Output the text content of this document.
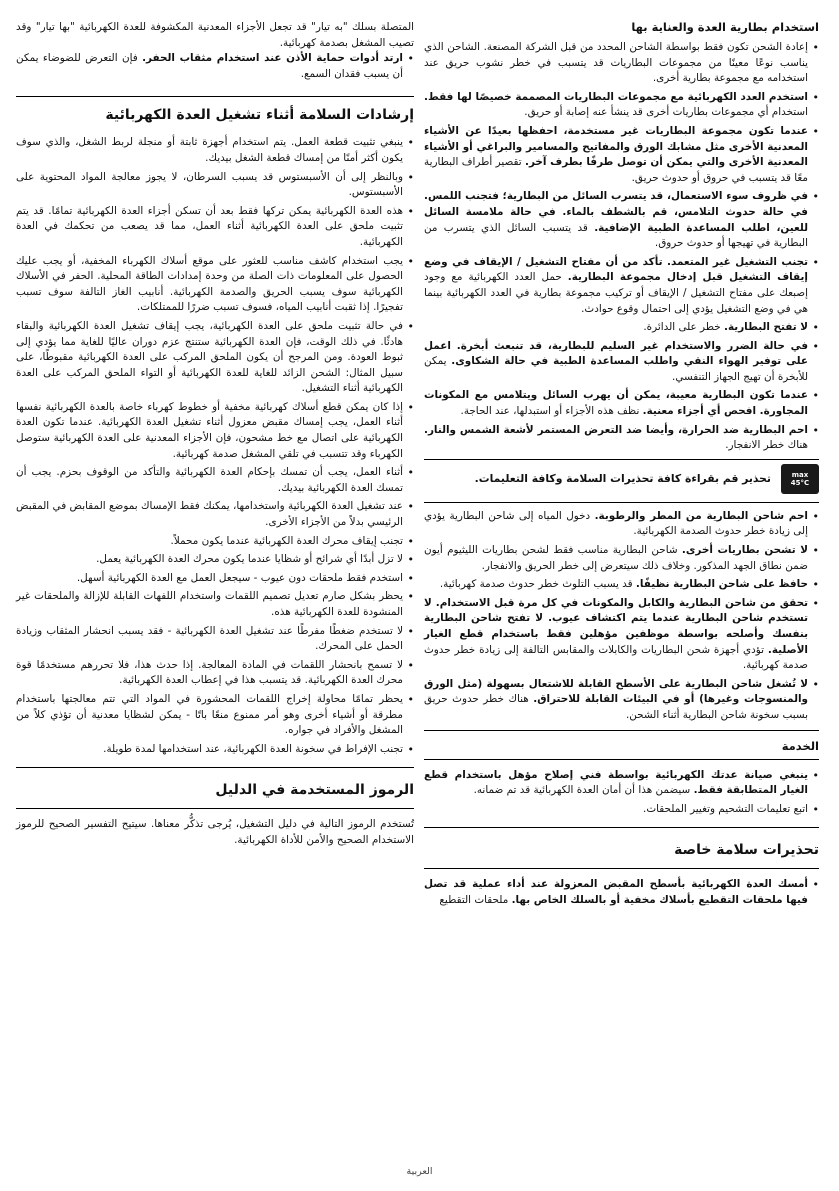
استخدام بطارية العدة والعناية بها
• إعادة الشحن تكون فقط بواسطة الشاحن المحدد من قبل الشركة المصنعة. الشاحن الذي يناسب نوعًا معينًا من مجموعات البطاريات قد يتسبب في خطر نشوب حريق عند استخدامه مع مجموعة بطارية أخرى.
• استخدم العدد الكهربائية مع مجموعات البطاريات المصممة خصيصًا لها فقط. استخدام أي مجموعات بطاريات أخرى قد ينشأ عنه إصابة أو حريق.
• عندما تكون مجموعة البطاريات غير مستخدمة، احفظها بعيدًا عن الأشياء المعدنية الأخرى مثل مشابك الورق والمفاتيح والمسامير والبراغي أو الأشياء المعدنية الأخرى والتي يمكن أن توصل طرفًا بطرف آخر. تقصير أطراف البطارية معًا قد يتسبب في حروق أو حدوث حريق.
• في ظروف سوء الاستعمال، قد يتسرب السائل من البطارية؛ فتجنب اللمس. في حالة حدوث التلامس، قم بالشطف بالماء. في حالة ملامسة السائل للعين، اطلب المساعدة الطبية الإضافية. قد يتسبب السائل الذي يتسرب من البطارية في تهيجها أو حدوث حروق.
• تجنب التشغيل غير المتعمد. تأكد من أن مفتاح التشغيل / الإيقاف في وضع إيقاف التشغيل قبل إدخال مجموعة البطارية. حمل العدد الكهربائية مع وجود إصبعك على مفتاح التشغيل / الإيقاف أو تركيب مجموعة بطارية في العدد الكهربائية بينما هي في وضع التشغيل يؤدي إلى احتمال وقوع حوادث.
• لا تفتح البطارية. خطر على الدائرة.
• في حالة الضرر والاستخدام غير السليم للبطارية، قد تنبعث أبخرة. اعمل على توفير الهواء النقي واطلب المساعدة الطبية في حالة الشكاوى. يمكن للأبخرة أن تهيج الجهاز التنفسي.
• عندما تكون البطارية معيبة، يمكن أن يهرب السائل ويتلامس مع المكونات المجاورة. افحص أي أجزاء معنية. نظف هذه الأجزاء أو استبدلها، عند الحاجة.
• احم البطارية ضد الحرارة، وأيضا ضد التعرض المستمر لأشعة الشمس والنار. هناك خطر الانفجار.
max
45°C

تحذير قم بقراءة كافة تحذيرات السلامة وكافة التعليمات.

• احم شاحن البطارية من المطر والرطوبة. دخول المياه إلى شاحن البطارية يؤدي إلى زيادة خطر حدوث الصدمة الكهربائية.
• لا تشحن بطاريات أخرى. شاحن البطارية مناسب فقط لشحن بطاريات الليثيوم أيون ضمن نطاق الجهد المذكور. وخلاف ذلك سيتعرض إلى خطر الحريق والانفجار.
• حافظ على شاحن البطارية نظيفًا. قد يسبب التلوث خطر حدوث صدمة كهربائية.
• تحقق من شاحن البطارية والكابل والمكونات في كل مرة قبل الاستخدام. لا تستخدم شاحن البطارية عندما يتم اكتشاف عيوب. لا تفتح شاحن البطارية بنفسك وأصلحه بواسطة موظفين مؤهلين فقط باستخدام قطع الغيار الأصلية. تؤدي أجهزة شحن البطاريات والكابلات والمقابس التالفة إلى زيادة خطر حدوث صدمة كهربائية.
• لا تُشغل شاحن البطارية على الأسطح القابلة للاشتعال بسهولة (مثل الورق والمنسوجات وغيرها) أو في البيئات القابلة للاحتراق. هناك خطر حدوث حريق بسبب سخونة شاحن البطارية أثناء الشحن.
الخدمة
• ينبغي صيانة عدتك الكهربائية بواسطة فني إصلاح مؤهل باستخدام قطع الغيار المتطابقة فقط. سيضمن هذا أن أمان العدة الكهربائية قد تم ضمانه.
• اتبع تعليمات التشحيم وتغيير الملحقات.
تحذيرات سلامة خاصة
• أمسك العدة الكهربائية بأسطح المقبض المعزولة عند أداء عملية قد تصل فيها ملحقات التقطيع بأسلاك مخفية أو بالسلك الخاص بها. ملحقات التقطيع

المتصلة بسلك "به تيار" قد تجعل الأجزاء المعدنية المكشوفة للعدة الكهربائية "بها تيار" وقد تصيب المشغل بصدمة كهربائية.

• ارتد أدوات حماية الأذن عند استخدام مثقاب الحفر. فإن التعرض للضوضاء يمكن أن يسبب فقدان السمع.
إرشادات السلامة أثناء تشغيل العدة الكهربائية
• ينبغي تثبيت قطعة العمل. يتم استخدام أجهزة ثابتة أو منجلة لربط الشغل، والذي سوف يكون أكثر أمنًا من إمساك قطعة الشغل بيديك.
• وبالنظر إلى أن الأسبستوس قد يسبب السرطان، لا يجوز معالجة المواد المحتوية على الأسبستوس.
• هذه العدة الكهربائية يمكن تركها فقط بعد أن تسكن أجزاء العدة الكهربائية تمامًا. قد يتم تثبيت ملحق على العدة الكهربائية أثناء العمل، مما قد يصعب من تحكمك في العدة الكهربائية.
• يجب استخدام كاشف مناسب للعثور على موقع أسلاك الكهرباء المخفية، أو يجب عليك الحصول على المعلومات ذات الصلة من وحدة إمدادات الطاقة المحلية. الحفر في الأسلاك الكهربائية سوف يسبب الحريق والصدمة الكهربائية. أنابيب الغاز التالفة سوف تسبب تفجيرًا. إذا ثقبت أنابيب المياه، فسوف تسبب ضررًا للممتلكات.
• في حالة تثبيت ملحق على العدة الكهربائية، يجب إيقاف تشغيل العدة الكهربائية والبقاء هادئًا. في ذلك الوقت، فإن العدة الكهربائية ستنتج عزم دوران عاليًا للغاية مما يؤدي إلى ثبوط العودة. ومن المرجح أن يكون الملحق المركب على العدة الكهربائية مقبوطًا، على سبيل المثال: الشحن الزائد للغاية للعدة الكهربائية أو التواء الملحق المركب على العدة الكهربائية أثناء التشغيل.
• إذا كان يمكن قطع أسلاك كهربائية مخفية أو خطوط كهرباء خاصة بالعدة الكهربائية نفسها أثناء العمل، يجب إمساك مقبض معزول أثناء تشغيل العدة الكهربائية. عندما تكون العدة الكهربائية على اتصال مع خط مشحون، فإن الأجزاء المعدنية على العدة الكهربائية ستوصل الكهرباء وقد تتسبب في تلقي المشغل صدمة كهربائية.
• أثناء العمل، يجب أن تمسك بإحكام العدة الكهربائية والتأكد من الوقوف بحزم. يجب أن تمسك العدة الكهربائية بيديك.
• عند تشغيل العدة الكهربائية واستخدامها، يمكنك فقط الإمساك بموضع المقابض في المقبض الرئيسي بدلاً من الأجزاء الأخرى.
• تجنب إيقاف محرك العدة الكهربائية عندما يكون محملاً.
• لا تزل أبدًا أي شرائح أو شظايا عندما يكون محرك العدة الكهربائية يعمل.
• استخدم فقط ملحقات دون عيوب - سيجعل العمل مع العدة الكهربائية أسهل.
• يحظر بشكل صارم تعديل تصميم اللقمات واستخدام اللفهات القابلة للإزالة والملحقات غير المنشودة للعدة الكهربائية هذه.
• لا تستخدم ضغطًا مفرطًا عند تشغيل العدة الكهربائية - فقد يسبب انحشار المثقاب وزيادة الحمل على المحرك.
• لا تسمح بانحشار اللقمات في المادة المعالجة. إذا حدث هذا، فلا تحررهم مستخدمًا قوة محرك العدة الكهربائية. قد يتسبب هذا في إعطاب العدة الكهربائية.
• يحظر تمامًا محاولة إخراج اللقمات المحشورة في المواد التي تتم معالجتها باستخدام مطرقة أو أشياء أخرى وهو أمر ممنوع منعًا باتًا - يمكن لشظايا معدنية أن تؤذي كلاً من المشغل والأفراد في جواره.
• تجنب الإفراط في سخونة العدة الكهربائية، عند استخدامها لمدة طويلة.
الرموز المستخدمة في الدليل

تُستخدم الرموز التالية في دليل التشغيل، يُرجى تذكُّر معناها. سيتيح التفسير الصحيح للرموز الاستخدام الصحيح والأمن للأداة الكهربائية.

العربية
